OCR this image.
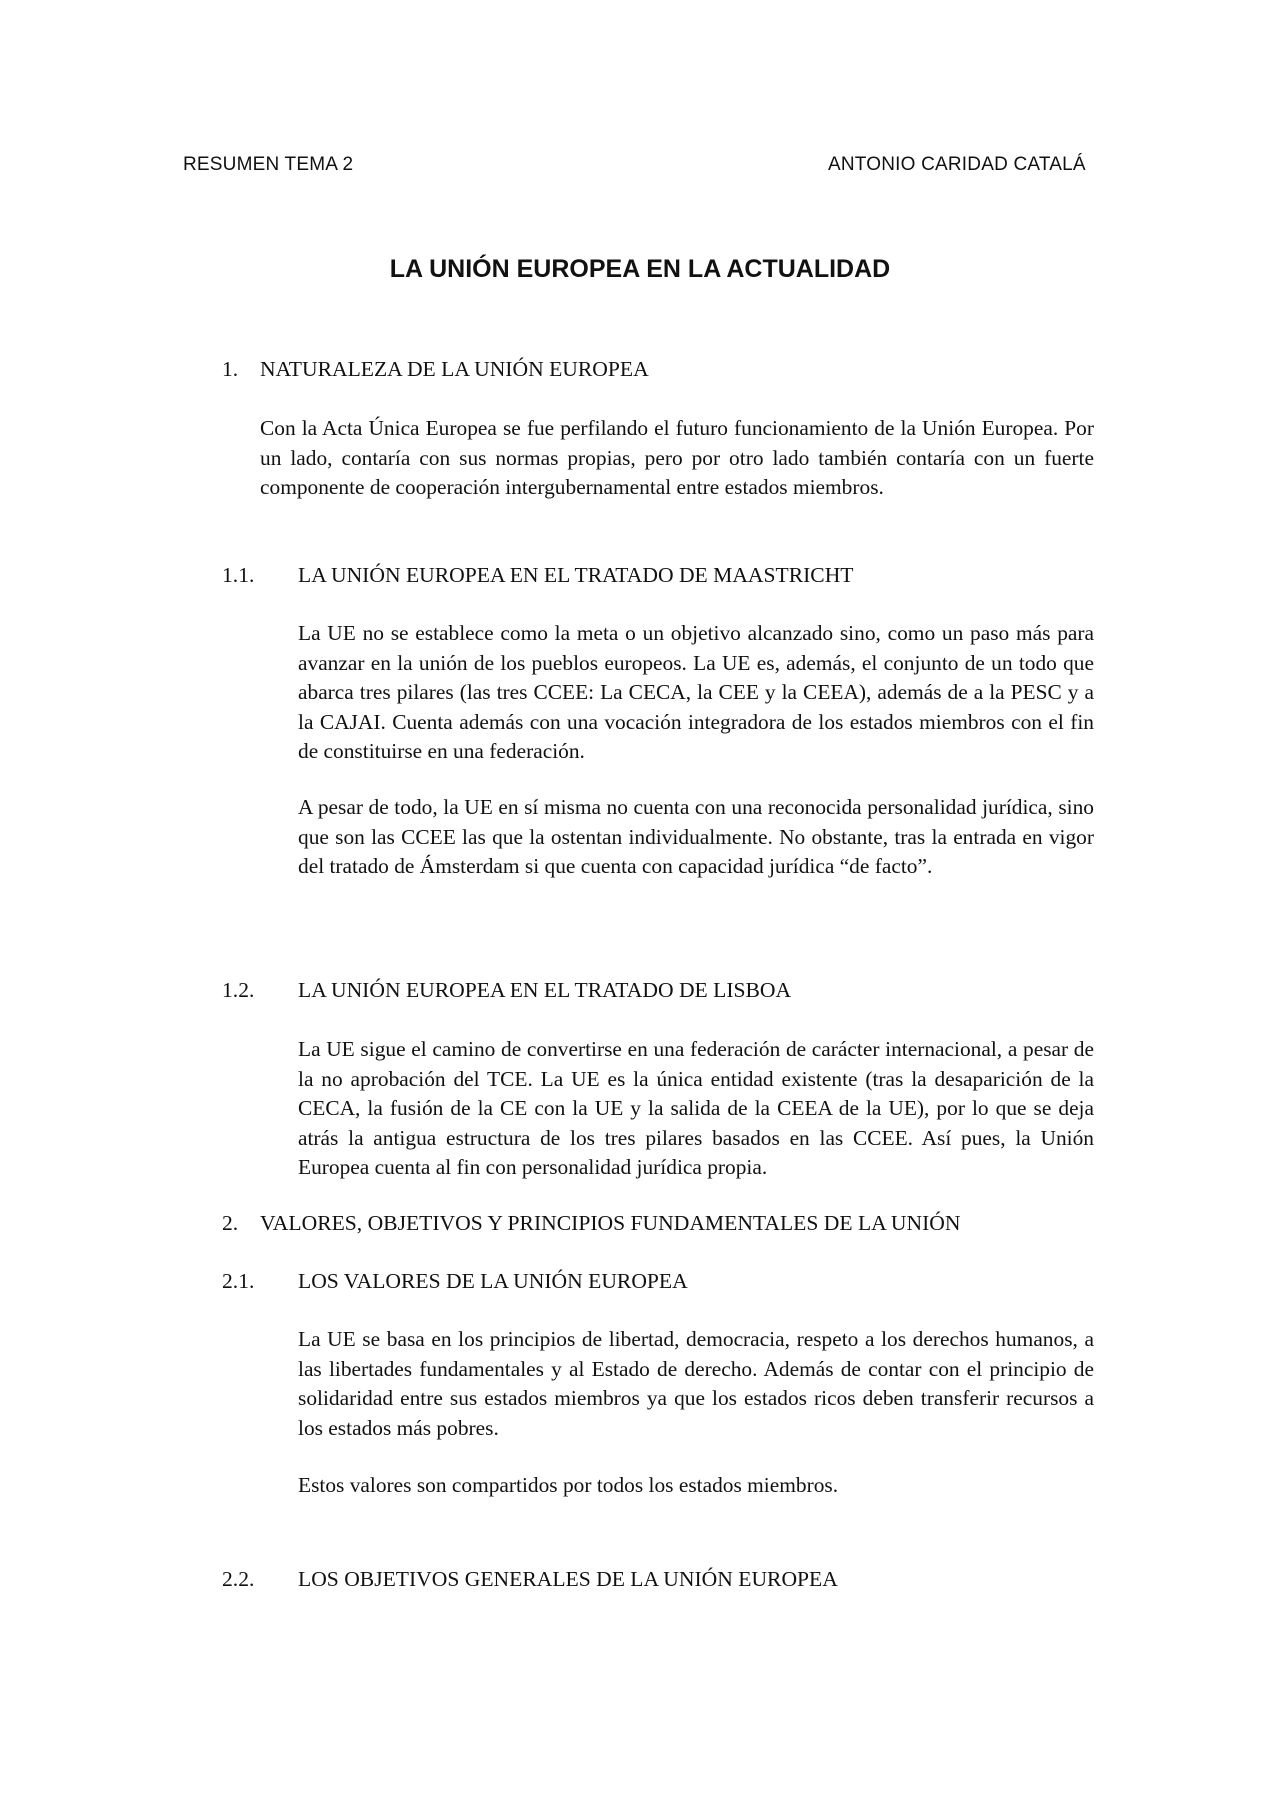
RESUMEN TEMA 2	ANTONIO CARIDAD CATALÁ
LA UNIÓN EUROPEA EN LA ACTUALIDAD
1. NATURALEZA DE LA UNIÓN EUROPEA

Con la Acta Única Europea se fue perfilando el futuro funcionamiento de la Unión Europea. Por un lado, contaría con sus normas propias, pero por otro lado también contaría con un fuerte componente de cooperación intergubernamental entre estados miembros.

1.1. LA UNIÓN EUROPEA EN EL TRATADO DE MAASTRICHT

La UE no se establece como la meta o un objetivo alcanzado sino, como un paso más para avanzar en la unión de los pueblos europeos. La UE es, además, el conjunto de un todo que abarca tres pilares (las tres CCEE: La CECA, la CEE y la CEEA), además de a la PESC y a la CAJAI. Cuenta además con una vocación integradora de los estados miembros con el fin de constituirse en una federación.

A pesar de todo, la UE en sí misma no cuenta con una reconocida personalidad jurídica, sino que son las CCEE las que la ostentan individualmente. No obstante, tras la entrada en vigor del tratado de Ámsterdam si que cuenta con capacidad jurídica “de facto”.

1.2. LA UNIÓN EUROPEA EN EL TRATADO DE LISBOA

La UE sigue el camino de convertirse en una federación de carácter internacional, a pesar de la no aprobación del TCE. La UE es la única entidad existente (tras la desaparición de la CECA, la fusión de la CE con la UE y la salida de la CEEA de la UE), por lo que se deja atrás la antigua estructura de los tres pilares basados en las CCEE. Así pues, la Unión Europea cuenta al fin con personalidad jurídica propia.

2. VALORES, OBJETIVOS Y PRINCIPIOS FUNDAMENTALES DE LA UNIÓN
2.1. LOS VALORES DE LA UNIÓN EUROPEA

La UE se basa en los principios de libertad, democracia, respeto a los derechos humanos, a las libertades fundamentales y al Estado de derecho. Además de contar con el principio de solidaridad entre sus estados miembros ya que los estados ricos deben transferir recursos a los estados más pobres.

Estos valores son compartidos por todos los estados miembros.

2.2. LOS OBJETIVOS GENERALES DE LA UNIÓN EUROPEA
